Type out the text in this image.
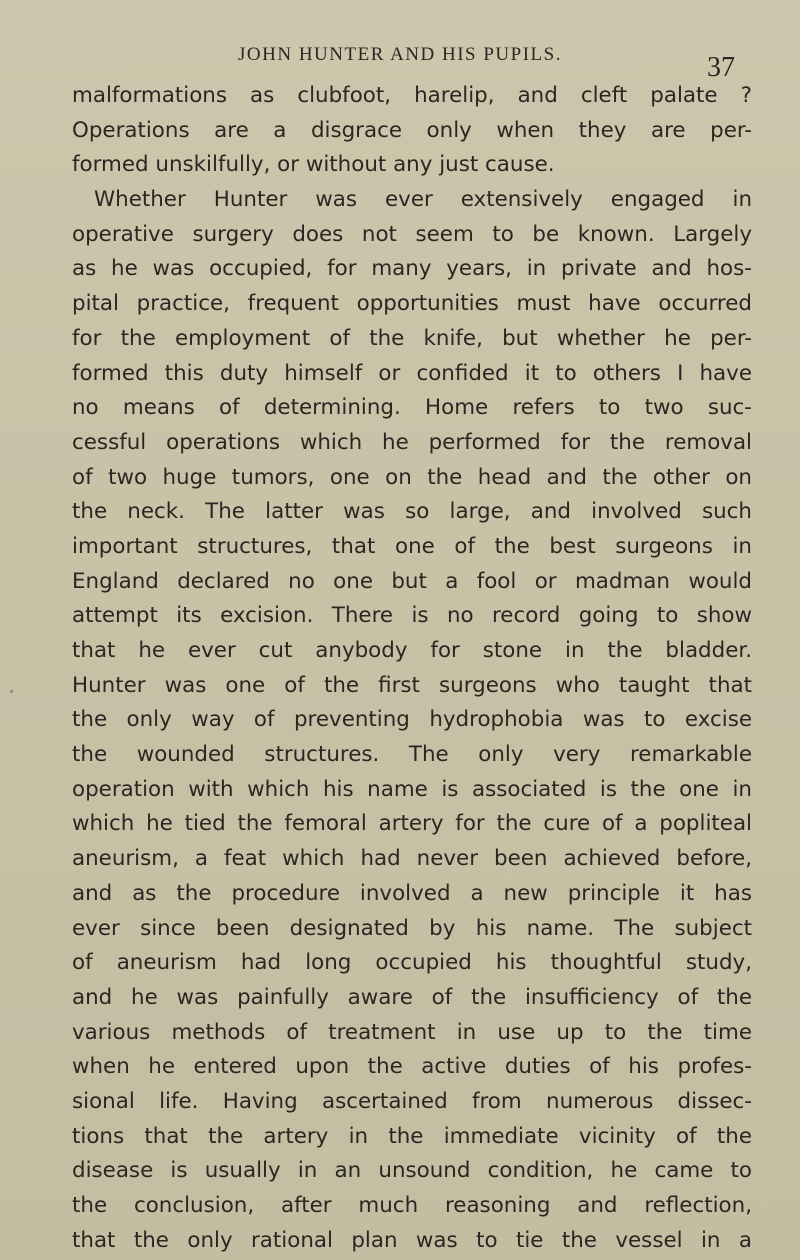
JOHN HUNTER AND HIS PUPILS.	37
malformations as clubfoot, harelip, and cleft palate ?
Operations are a disgrace only when they are per-
formed unskilfully, or without any just cause.
Whether Hunter was ever extensively engaged in
operative surgery does not seem to be known. Largely
as he was occupied, for many years, in private and hos-
pital practice, frequent opportunities must have occurred
for the employment of the knife, but whether he per-
formed this duty himself or confided it to others I have
no means of determining. Home refers to two suc-
cessful operations which he performed for the removal
of two huge tumors, one on the head and the other on
the neck. The latter was so large, and involved such
important structures, that one of the best surgeons in
England declared no one but a fool or madman would
attempt its excision. There is no record going to show
that he ever cut anybody for stone in the bladder.
Hunter was one of the first surgeons who taught that
the only way of preventing hydrophobia was to excise
the wounded structures. The only very remarkable
operation with which his name is associated is the one in
which he tied the femoral artery for the cure of a popliteal
aneurism, a feat which had never been achieved before,
and as the procedure involved a new principle it has
ever since been designated by his name. The subject
of aneurism had long occupied his thoughtful study,
and he was painfully aware of the insufficiency of the
various methods of treatment in use up to the time
when he entered upon the active duties of his profes-
sional life. Having ascertained from numerous dissec-
tions that the artery in the immediate vicinity of the
disease is usually in an unsound condition, he came to
the conclusion, after much reasoning and reflection,
that the only rational plan was to tie the vessel in a
